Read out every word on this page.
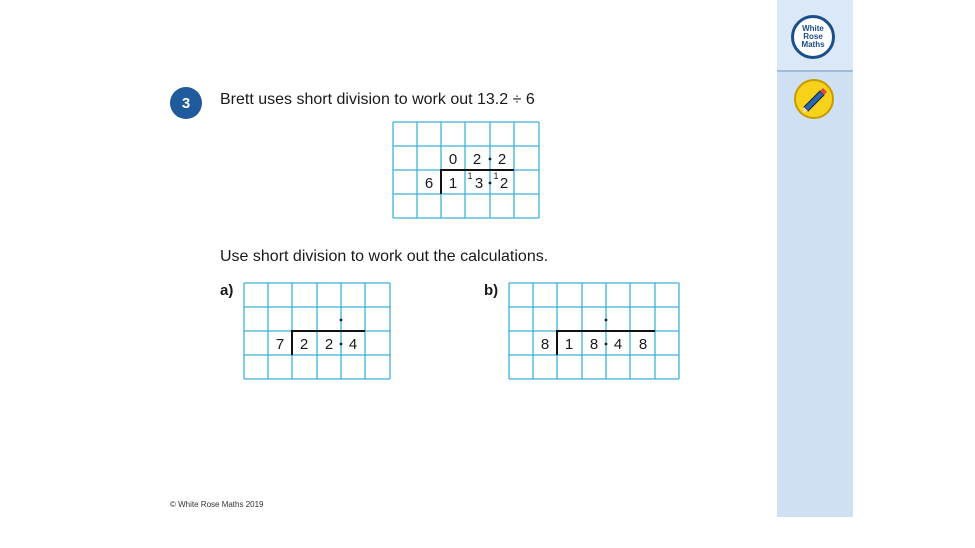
White
Rose
Maths
3	Brett uses short division to work out 13.2 ÷ 6
0 2 2
6 1 1 3 1 2
Use short division to work out the calculations.
a)
7 2 2 4
b)
8 1 8 4 8
© White Rose Maths 2019
